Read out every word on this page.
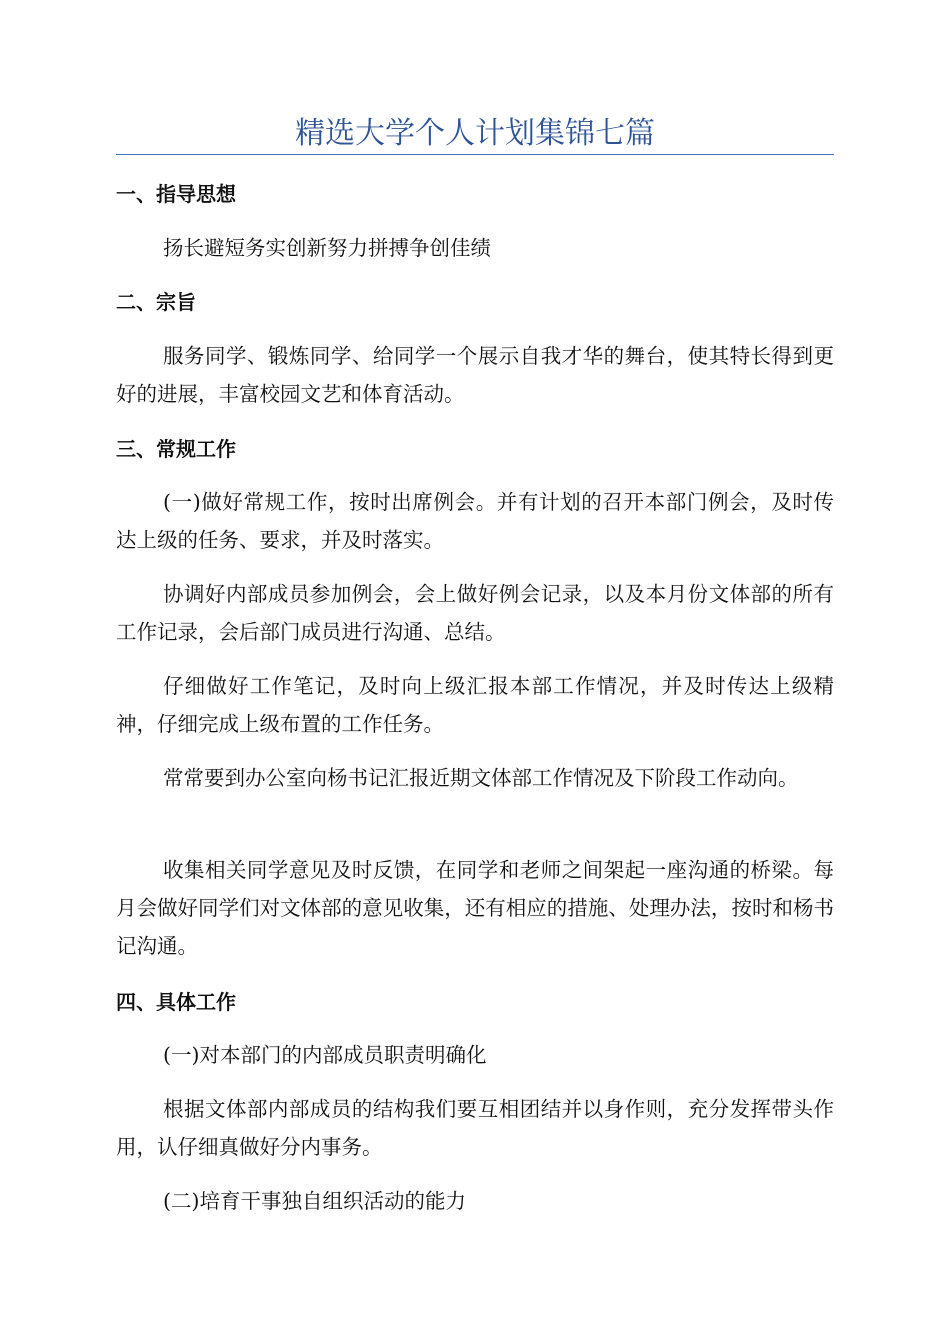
精选大学个人计划集锦七篇
一、指导思想
扬长避短务实创新努力拼搏争创佳绩
二、宗旨
服务同学、锻炼同学、给同学一个展示自我才华的舞台，使其特长得到更好的进展，丰富校园文艺和体育活动。
三、常规工作
(一)做好常规工作，按时出席例会。并有计划的召开本部门例会，及时传达上级的任务、要求，并及时落实。
协调好内部成员参加例会，会上做好例会记录，以及本月份文体部的所有工作记录，会后部门成员进行沟通、总结。
仔细做好工作笔记，及时向上级汇报本部工作情况，并及时传达上级精神，仔细完成上级布置的工作任务。
常常要到办公室向杨书记汇报近期文体部工作情况及下阶段工作动向。
收集相关同学意见及时反馈，在同学和老师之间架起一座沟通的桥梁。每月会做好同学们对文体部的意见收集，还有相应的措施、处理办法，按时和杨书记沟通。
四、具体工作
(一)对本部门的内部成员职责明确化
根据文体部内部成员的结构我们要互相团结并以身作则，充分发挥带头作用，认仔细真做好分内事务。
(二)培育干事独自组织活动的能力
